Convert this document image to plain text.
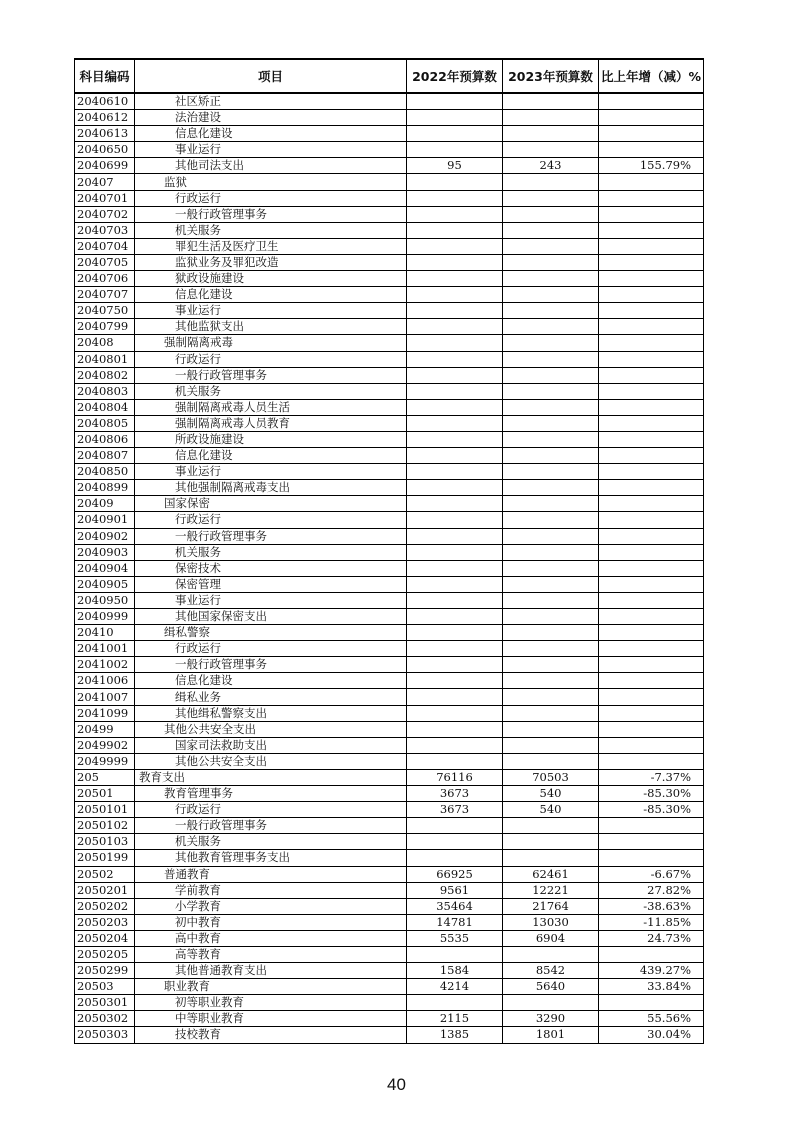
科目编码	项目	2022年预算数	2023年预算数	比上年增（减）%
2040610	社区矫正			
2040612	法治建设			
2040613	信息化建设			
2040650	事业运行			
2040699	其他司法支出	95	243	155.79%
20407	监狱			
2040701	行政运行			
2040702	一般行政管理事务			
2040703	机关服务			
2040704	罪犯生活及医疗卫生			
2040705	监狱业务及罪犯改造			
2040706	狱政设施建设			
2040707	信息化建设			
2040750	事业运行			
2040799	其他监狱支出			
20408	强制隔离戒毒			
2040801	行政运行			
2040802	一般行政管理事务			
2040803	机关服务			
2040804	强制隔离戒毒人员生活			
2040805	强制隔离戒毒人员教育			
2040806	所政设施建设			
2040807	信息化建设			
2040850	事业运行			
2040899	其他强制隔离戒毒支出			
20409	国家保密			
2040901	行政运行			
2040902	一般行政管理事务			
2040903	机关服务			
2040904	保密技术			
2040905	保密管理			
2040950	事业运行			
2040999	其他国家保密支出			
20410	缉私警察			
2041001	行政运行			
2041002	一般行政管理事务			
2041006	信息化建设			
2041007	缉私业务			
2041099	其他缉私警察支出			
20499	其他公共安全支出			
2049902	国家司法救助支出			
2049999	其他公共安全支出			
205	教育支出	76116	70503	-7.37%
20501	教育管理事务	3673	540	-85.30%
2050101	行政运行	3673	540	-85.30%
2050102	一般行政管理事务			
2050103	机关服务			
2050199	其他教育管理事务支出			
20502	普通教育	66925	62461	-6.67%
2050201	学前教育	9561	12221	27.82%
2050202	小学教育	35464	21764	-38.63%
2050203	初中教育	14781	13030	-11.85%
2050204	高中教育	5535	6904	24.73%
2050205	高等教育			
2050299	其他普通教育支出	1584	8542	439.27%
20503	职业教育	4214	5640	33.84%
2050301	初等职业教育			
2050302	中等职业教育	2115	3290	55.56%
2050303	技校教育	1385	1801	30.04%
40
